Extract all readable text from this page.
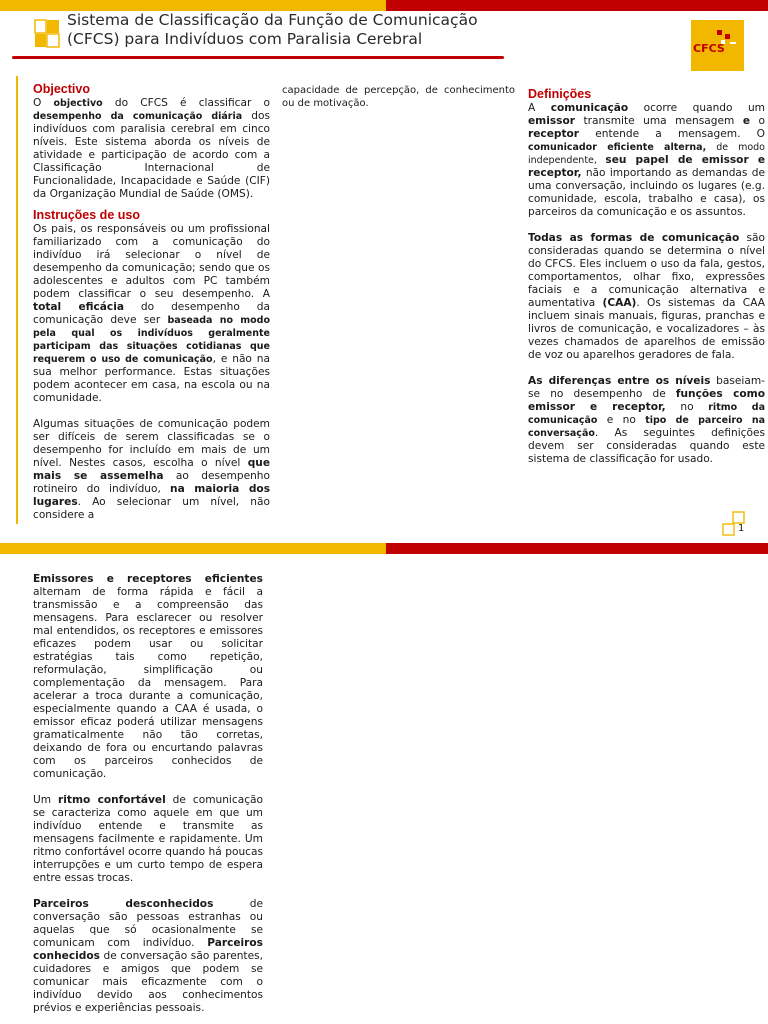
Sistema de Classificação da Função de Comunicação
(CFCS) para Indivíduos com Paralisia Cerebral
CFCS
Objectivo

O objectivo do CFCS é classificar o desempenho da comunicação diária dos indivíduos com paralisia cerebral em cinco níveis. Este sistema aborda os níveis de atividade e participação de acordo com a Classificação Internacional de Funcionalidade, Incapacidade e Saúde (CIF) da Organização Mundial de Saúde (OMS).

Instruções de uso

Os pais, os responsáveis ou um profissional familiarizado com a comunicação do indivíduo irá selecionar o nível de desempenho da comunicação; sendo que os adolescentes e adultos com PC também podem classificar o seu desempenho. A total eficácia do desempenho da comunicação deve ser baseada no modo pela qual os indivíduos geralmente participam das situações cotidianas que requerem o uso de comunicação, e não na sua melhor performance. Estas situações podem acontecer em casa, na escola ou na comunidade.

Algumas situações de comunicação podem ser difíceis de serem classificadas se o desempenho for incluído em mais de um nível. Nestes casos, escolha o nível que mais se assemelha ao desempenho rotineiro do indivíduo, na maioria dos lugares. Ao selecionar um nível, não considere a

capacidade de percepção, de conhecimento ou de motivação.

Definições

A comunicação ocorre quando um emissor transmite uma mensagem e o receptor entende a mensagem. O comunicador eficiente alterna, de modo independente, seu papel de emissor e receptor, não importando as demandas de uma conversação, incluindo os lugares (e.g. comunidade, escola, trabalho e casa), os parceiros da comunicação e os assuntos.

Todas as formas de comunicação são consideradas quando se determina o nível do CFCS. Eles incluem o uso da fala, gestos, comportamentos, olhar fixo, expressões faciais e a comunicação alternativa e aumentativa (CAA). Os sistemas da CAA incluem sinais manuais, figuras, pranchas e livros de comunicação, e vocalizadores – às vezes chamados de aparelhos de emissão de voz ou aparelhos geradores de fala.

As diferenças entre os níveis baseiam-se no desempenho de funções como emissor e receptor, no ritmo da comunicação e no tipo de parceiro na conversação. As seguintes definições devem ser consideradas quando este sistema de classificação for usado.

1

Emissores e receptores eficientes alternam de forma rápida e fácil a transmissão e a compreensão das mensagens. Para esclarecer ou resolver mal entendidos, os receptores e emissores eficazes podem usar ou solicitar estratégias tais como repetição, reformulação, simplificação ou complementação da mensagem. Para acelerar a troca durante a comunicação, especialmente quando a CAA é usada, o emissor eficaz poderá utilizar mensagens gramaticalmente não tão corretas, deixando de fora ou encurtando palavras com os parceiros conhecidos de comunicação.

Um ritmo confortável de comunicação se caracteriza como aquele em que um indivíduo entende e transmite as mensagens facilmente e rapidamente. Um ritmo confortável ocorre quando há poucas interrupções e um curto tempo de espera entre essas trocas.

Parceiros desconhecidos de conversação são pessoas estranhas ou aquelas que só ocasionalmente se comunicam com indivíduo. Parceiros conhecidos de conversação são parentes, cuidadores e amigos que podem se comunicar mais eficazmente com o indivíduo devido aos conhecimentos prévios e experiências pessoais.
